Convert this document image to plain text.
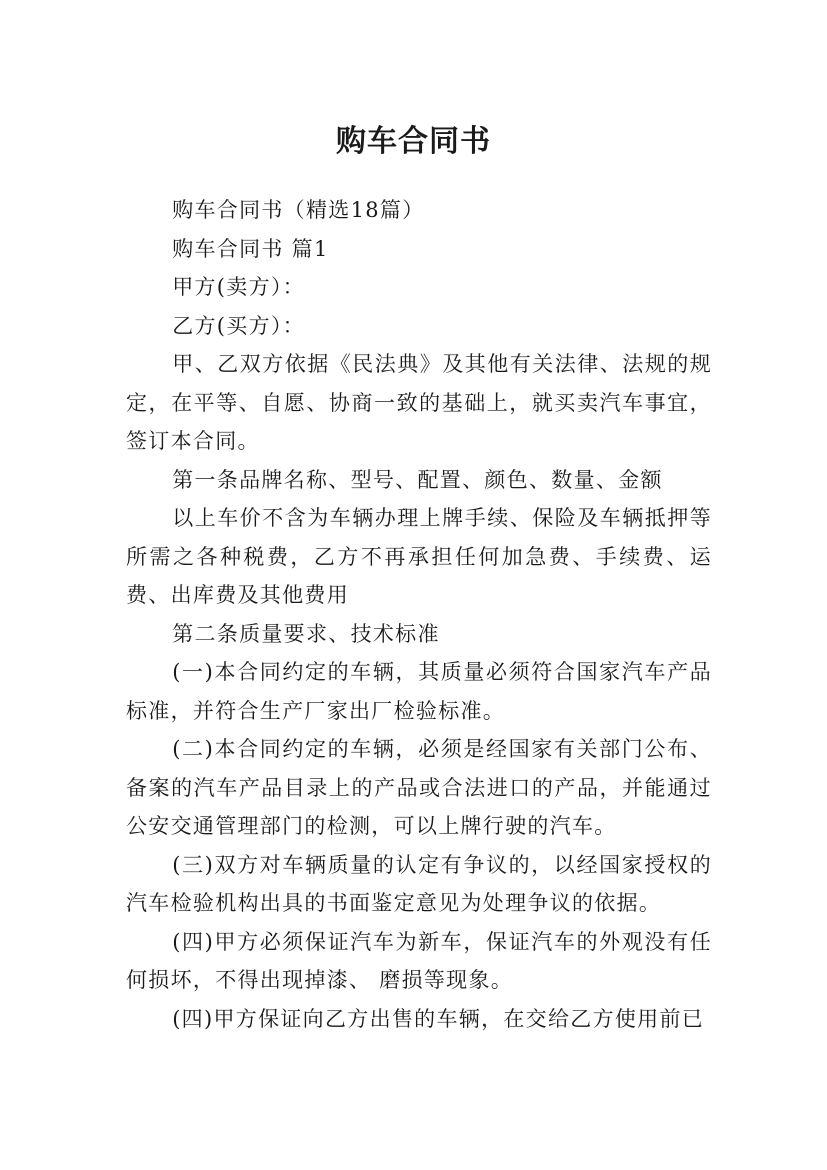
购车合同书

购车合同书（精选18篇）

购车合同书 篇1

甲方(卖方）：

乙方(买方）：

甲、乙双方依据《民法典》及其他有关法律、法规的规定，在平等、自愿、协商一致的基础上，就买卖汽车事宜，签订本合同。

第一条品牌名称、型号、配置、颜色、数量、金额

以上车价不含为车辆办理上牌手续、保险及车辆抵押等所需之各种税费，乙方不再承担任何加急费、手续费、运费、出库费及其他费用

第二条质量要求、技术标准

(一)本合同约定的车辆，其质量必须符合国家汽车产品标准，并符合生产厂家出厂检验标准。

(二)本合同约定的车辆，必须是经国家有关部门公布、备案的汽车产品目录上的产品或合法进口的产品，并能通过公安交通管理部门的检测，可以上牌行驶的汽车。

(三)双方对车辆质量的认定有争议的，以经国家授权的汽车检验机构出具的书面鉴定意见为处理争议的依据。

(四)甲方必须保证汽车为新车，保证汽车的外观没有任何损坏，不得出现掉漆、 磨损等现象。

(四)甲方保证向乙方出售的车辆，在交给乙方使用前已
